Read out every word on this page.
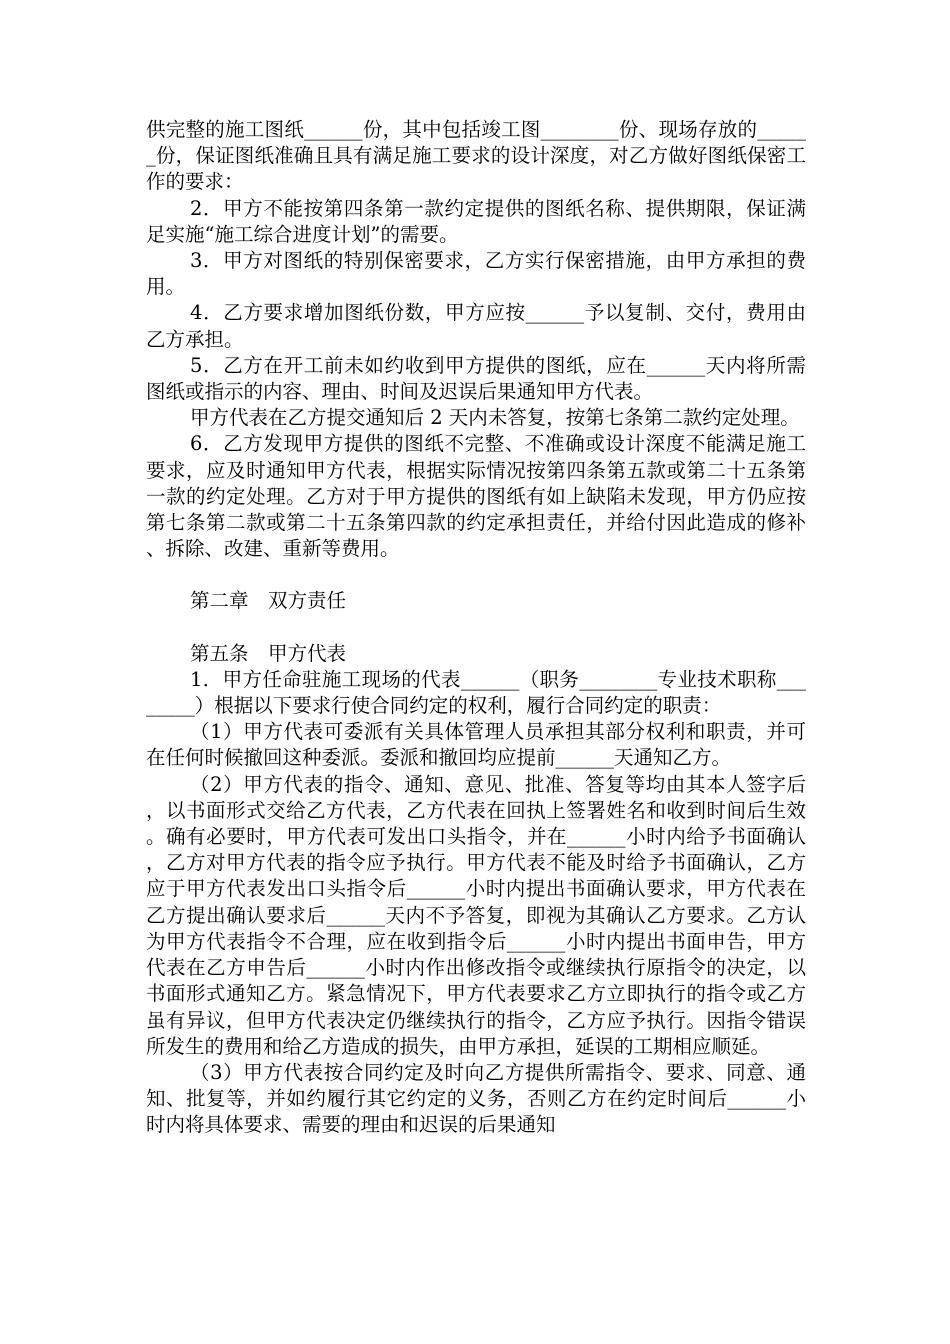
供完整的施工图纸______份，其中包括竣工图________份、现场存放的______份，保证图纸准确且具有满足施工要求的设计深度，对乙方做好图纸保密工作的要求：

2．甲方不能按第四条第一款约定提供的图纸名称、提供期限，保证满足实施“施工综合进度计划”的需要。

3．甲方对图纸的特别保密要求，乙方实行保密措施，由甲方承担的费用。

4．乙方要求增加图纸份数，甲方应按______予以复制、交付，费用由乙方承担。

5．乙方在开工前未如约收到甲方提供的图纸，应在______天内将所需图纸或指示的内容、理由、时间及迟误后果通知甲方代表。

甲方代表在乙方提交通知后 2 天内未答复，按第七条第二款约定处理。

6．乙方发现甲方提供的图纸不完整、不准确或设计深度不能满足施工要求，应及时通知甲方代表，根据实际情况按第四条第五款或第二十五条第一款的约定处理。乙方对于甲方提供的图纸有如上缺陷未发现，甲方仍应按第七条第二款或第二十五条第四款的约定承担责任，并给付因此造成的修补、拆除、改建、重新等费用。

第二章　双方责任

第五条　甲方代表

1．甲方任命驻施工现场的代表______（职务________专业技术职称________）根据以下要求行使合同约定的权利，履行合同约定的职责：

（1）甲方代表可委派有关具体管理人员承担其部分权利和职责，并可在任何时候撤回这种委派。委派和撤回均应提前______天通知乙方。

（2）甲方代表的指令、通知、意见、批准、答复等均由其本人签字后，以书面形式交给乙方代表，乙方代表在回执上签署姓名和收到时间后生效。确有必要时，甲方代表可发出口头指令，并在______小时内给予书面确认，乙方对甲方代表的指令应予执行。甲方代表不能及时给予书面确认，乙方应于甲方代表发出口头指令后______小时内提出书面确认要求，甲方代表在乙方提出确认要求后______天内不予答复，即视为其确认乙方要求。乙方认为甲方代表指令不合理，应在收到指令后______小时内提出书面申告，甲方代表在乙方申告后______小时内作出修改指令或继续执行原指令的决定，以书面形式通知乙方。紧急情况下，甲方代表要求乙方立即执行的指令或乙方虽有异议，但甲方代表决定仍继续执行的指令，乙方应予执行。因指令错误所发生的费用和给乙方造成的损失，由甲方承担，延误的工期相应顺延。

（3）甲方代表按合同约定及时向乙方提供所需指令、要求、同意、通知、批复等，并如约履行其它约定的义务，否则乙方在约定时间后______小时内将具体要求、需要的理由和迟误的后果通知
